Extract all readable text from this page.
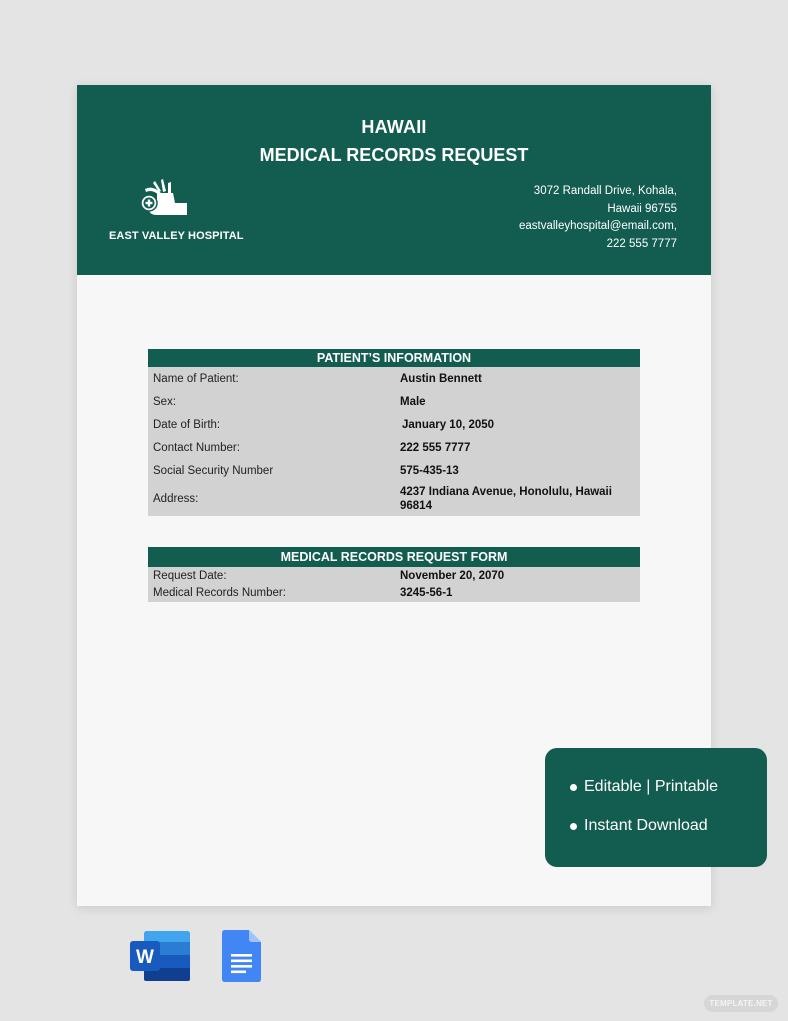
HAWAII
MEDICAL RECORDS REQUEST
EAST VALLEY HOSPITAL
3072 Randall Drive, Kohala,
Hawaii 96755
eastvalleyhospital@email.com,
222 555 7777
PATIENT’S INFORMATION
Name of Patient:	Austin Bennett
Sex:	Male
Date of Birth:	January 10, 2050
Contact Number:	222 555 7777
Social Security Number	575-435-13
Address:
4237 Indiana Avenue, Honolulu, Hawaii 96814
MEDICAL RECORDS REQUEST FORM
Request Date:	November 20, 2070
Medical Records Number:	3245-56-1
Editable | Printable
Instant Download
W
TEMPLATE.NET
